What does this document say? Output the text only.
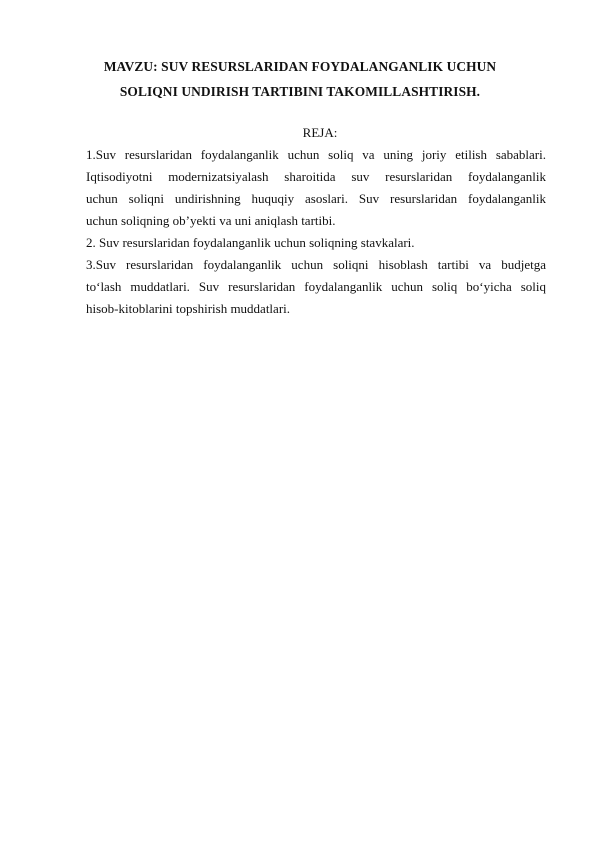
MAVZU: SUV RESURSLARIDAN FOYDALANGANLIK UCHUN
SOLIQNI UNDIRISH TARTIBINI TAKOMILLASHTIRISH.
REJA:
1.Suv resurslaridan foydalanganlik uchun soliq va uning joriy etilish sabablari.
Iqtisodiyotni modernizatsiyalash sharoitida suv resurslaridan foydalanganlik
uchun soliqni undirishning huquqiy asoslari. Suv resurslaridan foydalanganlik
uchun soliqning ob’yekti va uni aniqlash tartibi.
2. Suv resurslaridan foydalanganlik uchun soliqning stavkalari.
3.Suv resurslaridan foydalanganlik uchun soliqni hisoblash tartibi va budjetga
to‘lash muddatlari. Suv resurslaridan foydalanganlik uchun soliq bo‘yicha soliq
hisob-kitoblarini topshirish muddatlari.
